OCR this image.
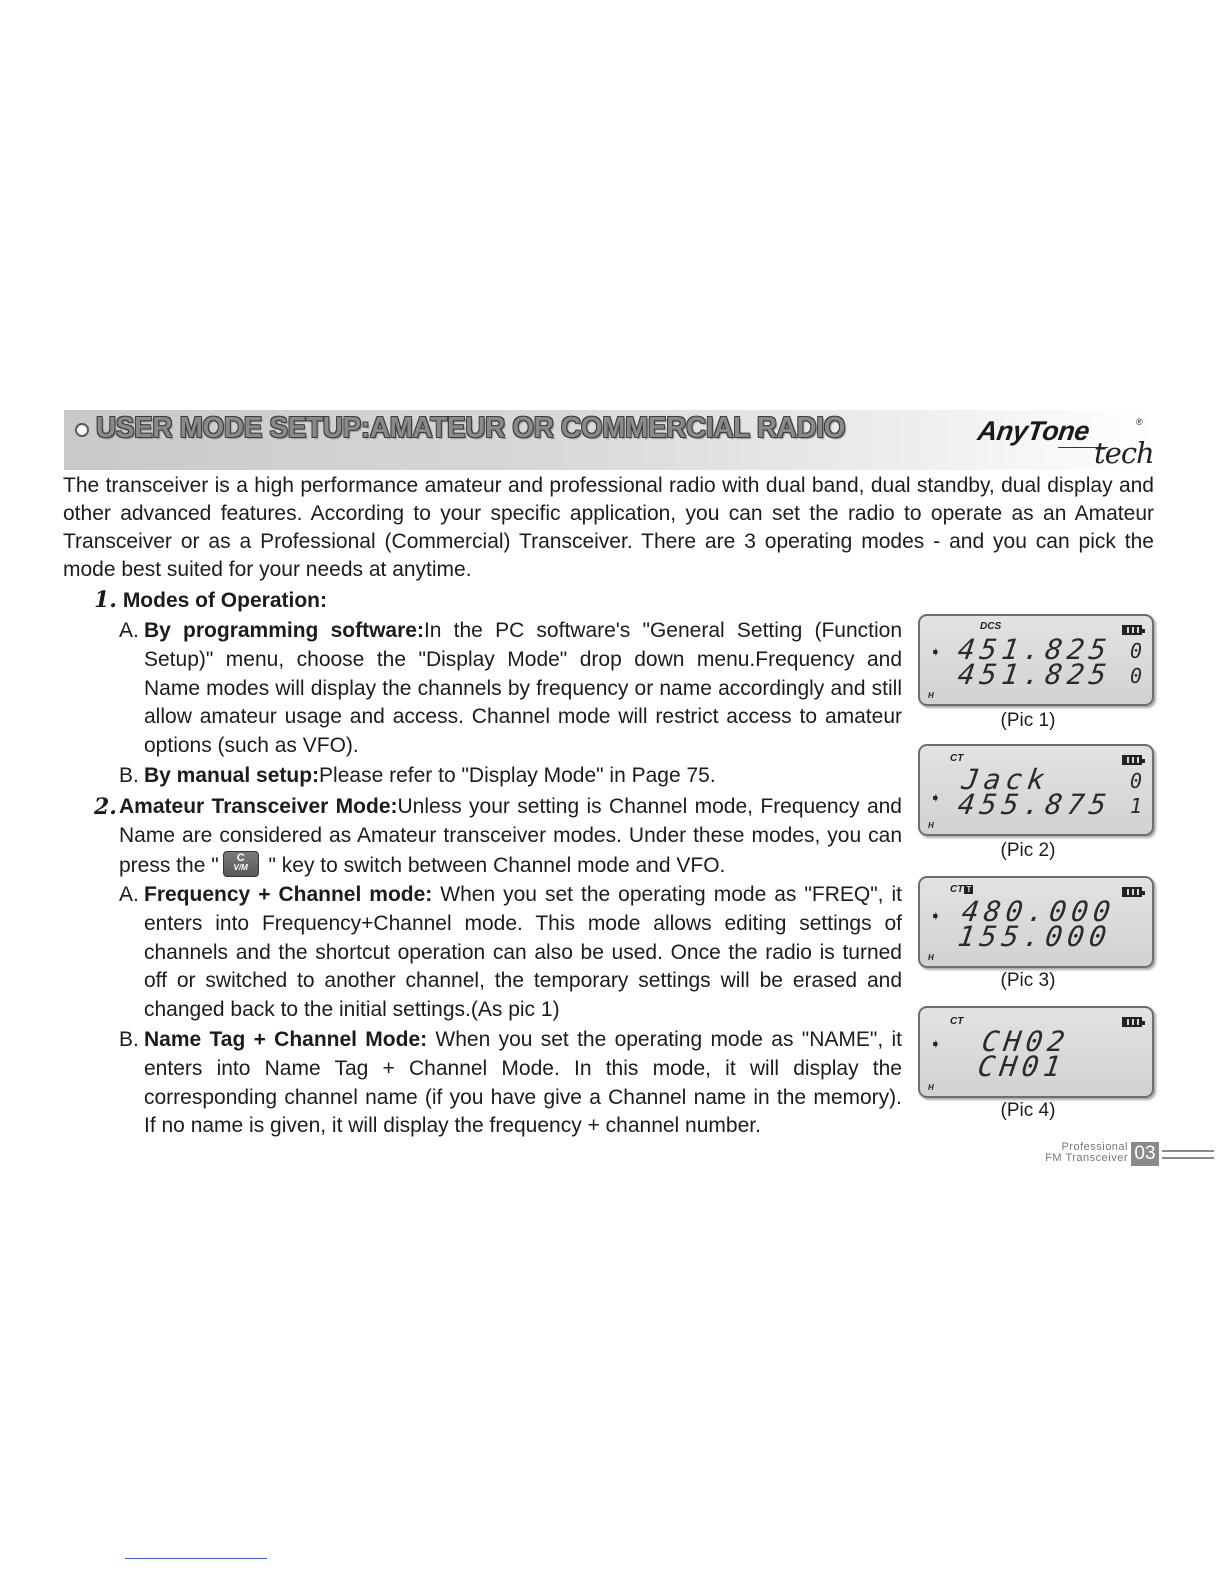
USER MODE SETUP:AMATEUR OR COMMERCIAL RADIO	AnyTone	®
tech

The transceiver is a high performance amateur and professional radio with dual band, dual standby, dual display and other advanced features. According to your specific application, you can set the radio to operate as an Amateur Transceiver or as a Professional (Commercial) Transceiver. There are 3 operating modes - and you can pick the mode best suited for your needs at anytime.

1. Modes of Operation:
A. By programming software:In the PC software's "General Setting (Function Setup)" menu, choose the "Display Mode" drop down menu.Frequency and Name modes will display the channels by frequency or name accordingly and still allow amateur usage and access. Channel mode will restrict access to amateur options (such as VFO).

B. By manual setup:Please refer to "Display Mode" in Page 75.

2. Amateur Transceiver Mode:Unless your setting is Channel mode, Frequency and Name are considered as Amateur transceiver modes. Under these modes, you can press the "	C
V/M " key to switch between Channel mode and VFO.

A. Frequency + Channel mode: When you set the operating mode as "FREQ", it enters into Frequency+Channel mode. This mode allows editing settings of channels and the shortcut operation can also be used. Once the radio is turned off or switched to another channel, the temporary settings will be erased and changed back to the initial settings.(As pic 1)

B. Name Tag + Channel Mode: When you set the operating mode as "NAME", it enters into Name Tag + Channel Mode. In this mode, it will display the corresponding channel name (if you have give a Channel name in the memory). If no name is given, it will display the frequency + channel number.

DCS
➧ 451.825
451.825
0
0
H
(Pic 1)
CT
➧
Jack
455.875
0
1
H
(Pic 2)
CT T
➧ 480.000
155.000
H
(Pic 3)
CT
➧ CH02
CH01
H
(Pic 4)
Professional
FM Transceiver 03
